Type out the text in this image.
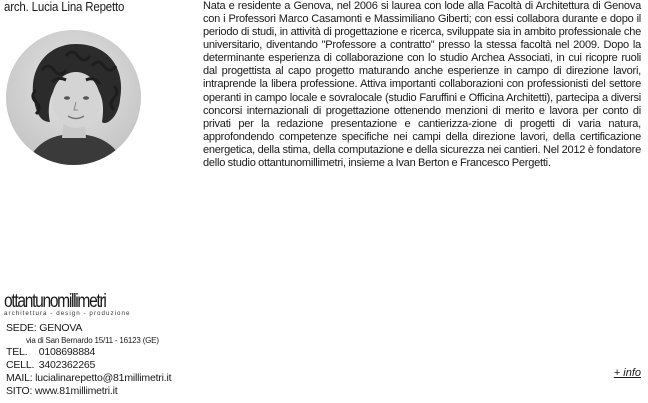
arch. Lucia Lina Repetto	Nata e residente a Genova, nel 2006 si laurea con lode alla Facoltà di Architettura di Genova con i Professori Marco Casamonti e Massimiliano Giberti; con essi collabora durante e dopo il periodo di studi, in attività di progettazione e ricerca, sviluppate sia in ambito professionale che universitario, diventando "Professore a contratto" presso la stessa facoltà nel 2009. Dopo la determinante esperienza di collaborazione con lo studio Archea Associati, in cui ricopre ruoli dal progettista al capo progetto maturando anche esperienze in campo di direzione lavori, intraprende la libera professione. Attiva importanti collaborazioni con professionisti del settore operanti in campo locale e sovralocale (studio Faruffini e Officina Architetti), partecipa a diversi concorsi internazionali di progettazione ottenendo menzioni di merito e lavora per conto di privati per la redazione presentazione e cantierizza-zione di progetti di varia natura, approfondendo competenze specifiche nei campi della direzione lavori, della certificazione energetica, della stima, della computazione e della sicurezza nei cantieri. Nel 2012 è fondatore dello studio ottantunomillimetri, insieme a Ivan Berton e Francesco Pergetti.

ottantunomillimetri
architettura - design - produzione
SEDE: GENOVA
via di San Bernardo 15/11 - 16123 (GE)
TEL. 0108698884
CELL. 3402362265
MAIL: lucialinarepetto@81millimetri.it
SITO: www.81millimetri.it
+ info
